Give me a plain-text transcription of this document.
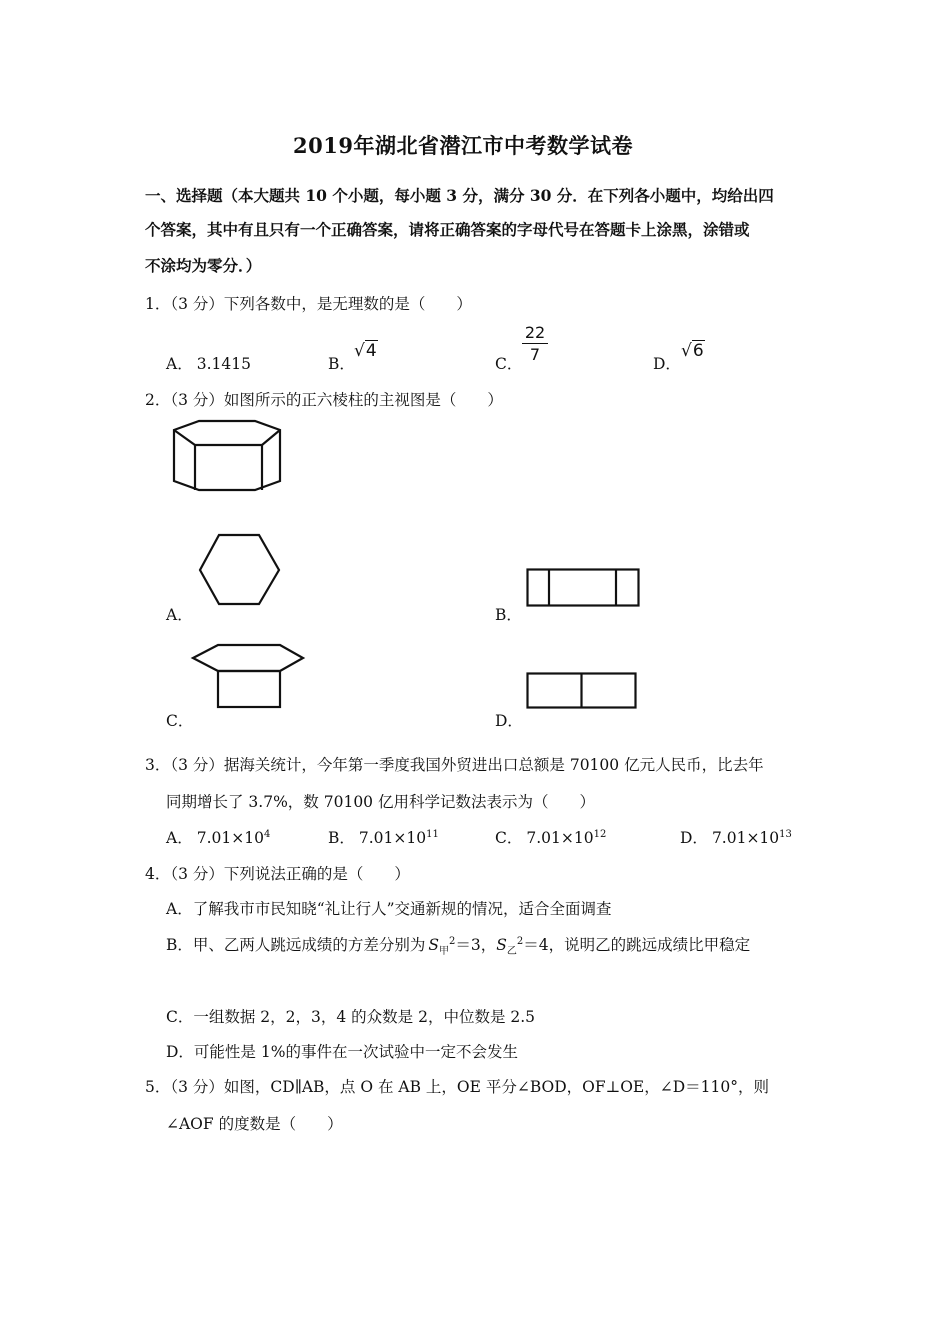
2019年湖北省潜江市中考数学试卷
一、选择题（本大题共 10 个小题，每小题 3 分，满分 30 分．在下列各小题中，均给出四
个答案，其中有且只有一个正确答案，请将正确答案的字母代号在答题卡上涂黑，涂错或
不涂均为零分．）
1．（3 分）下列各数中，是无理数的是（　　）
A． 3.1415	B．
√4
C．
22
7	D．
√6
2．（3 分）如图所示的正六棱柱的主视图是（　　）
A．	B．
C．	D．
3．（3 分）据海关统计，今年第一季度我国外贸进出口总额是 70100 亿元人民币，比去年
同期增长了 3.7%，数 70100 亿用科学记数法表示为（　　）
A． $7.01\times 10^4$	B． $7.01\times 10^{11}$	C． $7.01\times 10^{12}$	D． $7.01\times 10^{13}$
4．（3 分）下列说法正确的是（　　）
A．了解我市市民知晓“礼让行人”交通新规的情况，适合全面调查
B．甲、乙两人跳远成绩的方差分别为 $S_甲^2=3$，$S_乙^2=4$，说明乙的跳远成绩比甲稳定
C．一组数据 2，2，3，4 的众数是 2，中位数是 2.5
D．可能性是 1%的事件在一次试验中一定不会发生
5．（3 分）如图，CD∥AB，点 O 在 AB 上，OE 平分∠BOD，OF⊥OE，∠D＝110°，则
∠AOF 的度数是（　　）
